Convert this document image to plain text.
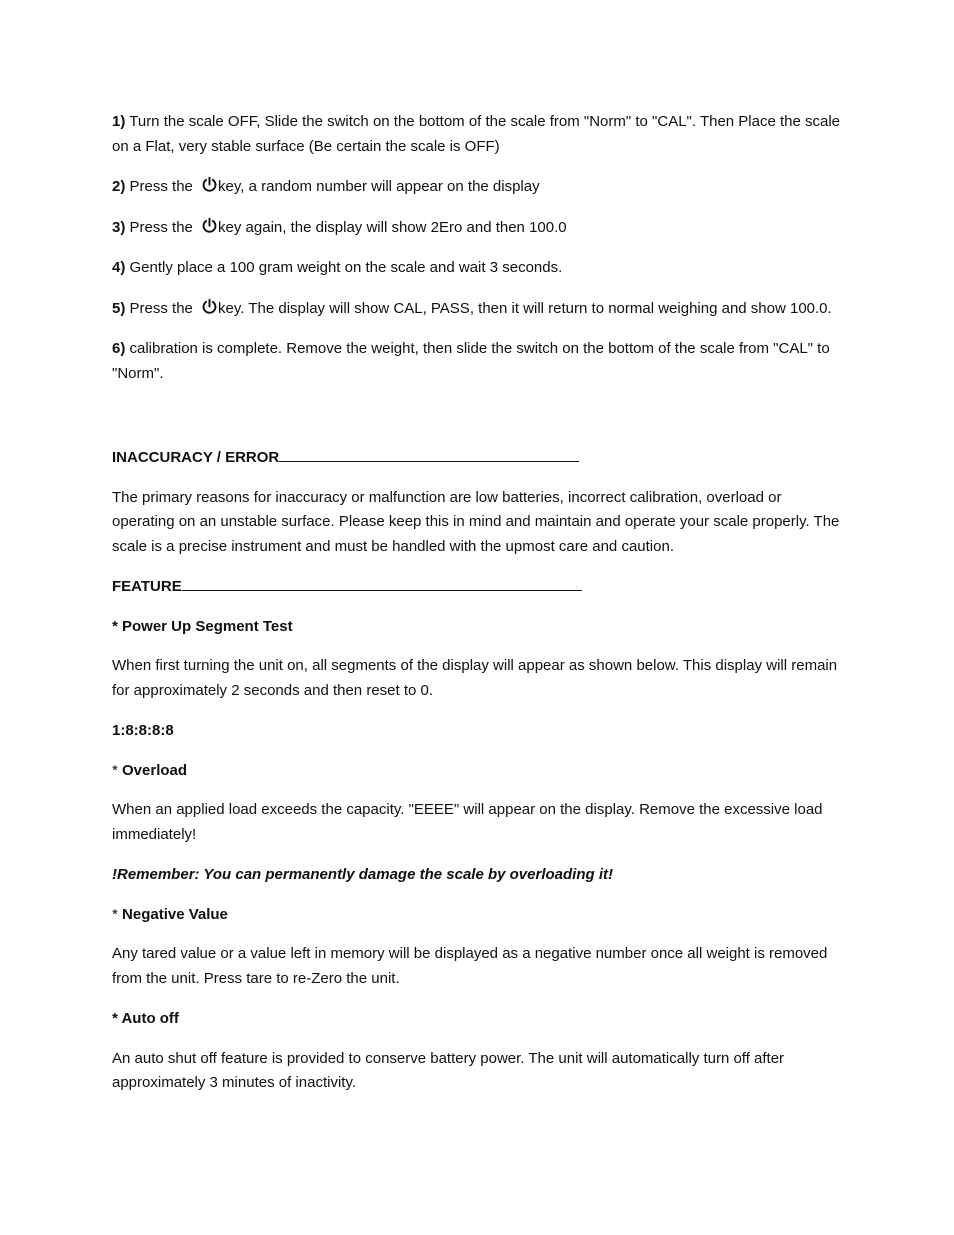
1) Turn the scale OFF, Slide the switch on the bottom of the scale from "Norm" to "CAL". Then Place the scale on a Flat, very stable surface (Be certain the scale is OFF)

2) Press the
key, a random number will appear on the display

3) Press the
key again, the display will show 2Ero and then 100.0

4) Gently place a 100 gram weight on the scale and wait 3 seconds.

5) Press the
key. The display will show CAL, PASS, then it will return to normal weighing and show 100.0.

6) calibration is complete. Remove the weight, then slide the switch on the bottom of the scale from "CAL" to "Norm".

INACCURACY / ERROR

The primary reasons for inaccuracy or malfunction are low batteries, incorrect calibration, overload or operating on an unstable surface. Please keep this in mind and maintain and operate your scale properly. The scale is a precise instrument and must be handled with the upmost care and caution.

FEATURE

* Power Up Segment Test

When first turning the unit on, all segments of the display will appear as shown below. This display will remain for approximately 2 seconds and then reset to 0.

1:8:8:8:8

* Overload

When an applied load exceeds the capacity. "EEEE" will appear on the display. Remove the excessive load immediately!

!Remember: You can permanently damage the scale by overloading it!

* Negative Value

Any tared value or a value left in memory will be displayed as a negative number once all weight is removed from the unit. Press tare to re-Zero the unit.

* Auto off

An auto shut off feature is provided to conserve battery power. The unit will automatically turn off after approximately 3 minutes of inactivity.
